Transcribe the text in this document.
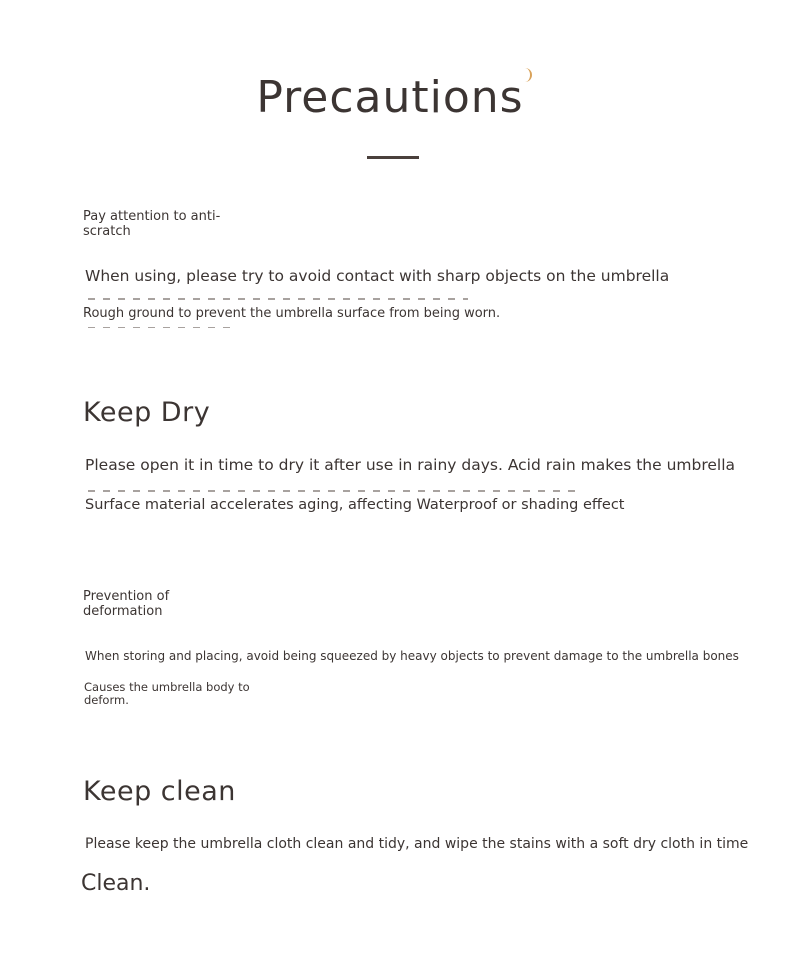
Precautions
Pay attention to anti-
scratch
When using, please try to avoid contact with sharp objects on the umbrella
Rough ground to prevent the umbrella surface from being worn.
Keep Dry
Please open it in time to dry it after use in rainy days. Acid rain makes the umbrella
Surface material accelerates aging, affecting Waterproof or shading effect
Prevention of
deformation
When storing and placing, avoid being squeezed by heavy objects to prevent damage to the umbrella bones
Causes the umbrella body to
deform.
Keep clean
Please keep the umbrella cloth clean and tidy, and wipe the stains with a soft dry cloth in time
Clean.
